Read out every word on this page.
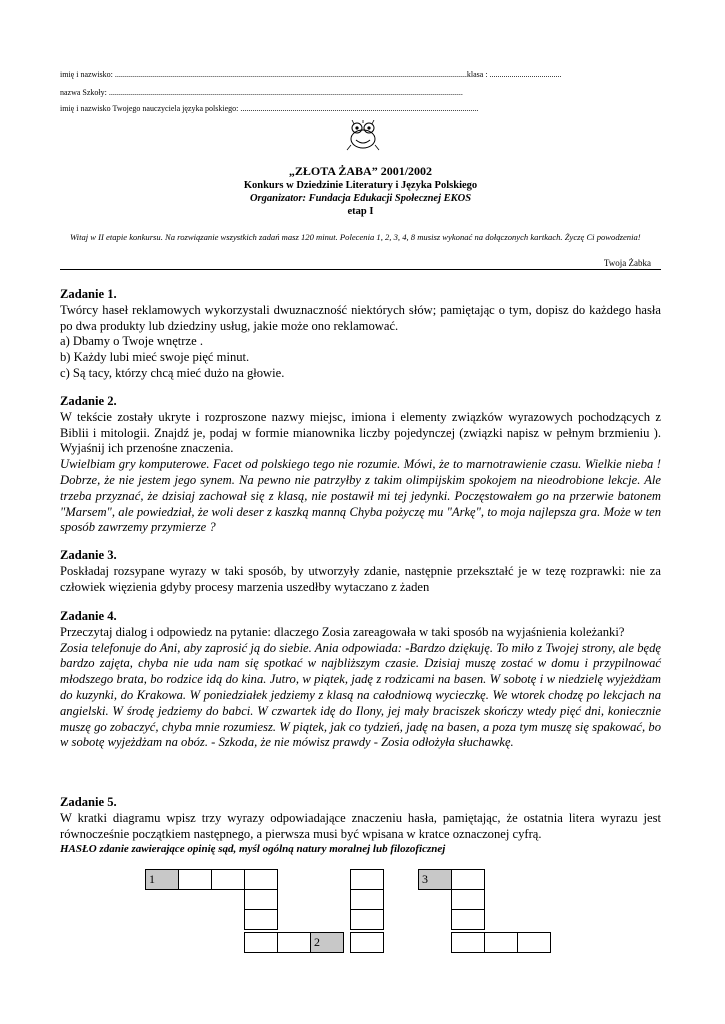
imię i nazwisko: ................................................................................................................................................................................klasa : ....................................
nazwa Szkoły: .................................................................................................................................................................................
imię i nazwisko Twojego nauczyciela języka polskiego: .......................................................................................................................
„ZŁOTA ŻABA” 2001/2002
Konkurs w Dziedzinie Literatury i Języka Polskiego
Organizator: Fundacja Edukacji Społecznej EKOS
etap I
Witaj w II etapie konkursu. Na rozwiązanie wszystkich zadań masz 120 minut. Polecenia 1, 2, 3, 4, 8 musisz wykonać na dołączonych kartkach. Życzę Ci powodzenia!
Twoja Żabka

Zadanie 1.

Twórcy haseł reklamowych wykorzystali dwuznaczność niektórych słów; pamiętając o tym, dopisz do każdego hasła po dwa produkty lub dziedziny usług, jakie może ono reklamować.

a) Dbamy o Twoje wnętrze .

b) Każdy lubi mieć swoje pięć minut.

c) Są tacy, którzy chcą mieć dużo na głowie.

Zadanie 2.

W tekście zostały ukryte i rozproszone nazwy miejsc, imiona i elementy związków wyrazowych pochodzących z Biblii i mitologii. Znajdź je, podaj w formie mianownika liczby pojedynczej (związki napisz w pełnym brzmieniu ). Wyjaśnij ich przenośne znaczenia.

Uwielbiam gry komputerowe. Facet od polskiego tego nie rozumie. Mówi, że to marnotrawienie czasu. Wielkie nieba ! Dobrze, że nie jestem jego synem. Na pewno nie patrzyłby z takim olimpijskim spokojem na nieodrobione lekcje. Ale trzeba przyznać, że dzisiaj zachował się z klasą, nie postawił mi tej jedynki. Poczęstowałem go na przerwie batonem "Marsem", ale powiedział, że woli deser z kaszką manną Chyba pożyczę mu "Arkę", to moja najlepsza gra. Może w ten sposób zawrzemy przymierze ?

Zadanie 3.

Poskładaj rozsypane wyrazy w taki sposób, by utworzyły zdanie, następnie przekształć je w tezę rozprawki: nie za człowiek więzienia gdyby procesy marzenia uszedłby wytaczano z żaden

Zadanie 4.

Przeczytaj dialog i odpowiedz na pytanie: dlaczego Zosia zareagowała w taki sposób na wyjaśnienia koleżanki?

Zosia telefonuje do Ani, aby zaprosić ją do siebie. Ania odpowiada: -Bardzo dziękuję. To miło z Twojej strony, ale będę bardzo zajęta, chyba nie uda nam się spotkać w najbliższym czasie. Dzisiaj muszę zostać w domu i przypilnować młodszego brata, bo rodzice idą do kina. Jutro, w piątek, jadę z rodzicami na basen. W sobotę i w niedzielę wyjeżdżam do kuzynki, do Krakowa. W poniedziałek jedziemy z klasą na całodniową wycieczkę. We wtorek chodzę po lekcjach na angielski. W środę jedziemy do babci. W czwartek idę do Ilony, jej mały braciszek skończy wtedy pięć dni, koniecznie muszę go zobaczyć, chyba mnie rozumiesz. W piątek, jak co tydzień, jadę na basen, a poza tym muszę się spakować, bo w sobotę wyjeżdżam na obóz. - Szkoda, że nie mówisz prawdy - Zosia odłożyła słuchawkę.

Zadanie 5.

W kratki diagramu wpisz trzy wyrazy odpowiadające znaczeniu hasła, pamiętając, że ostatnia litera wyrazu jest równocześnie początkiem następnego, a pierwsza musi być wpisana w kratce oznaczonej cyfrą.

HASŁO zdanie zawierające opinię sąd, myśl ogólną natury moralnej lub filozoficznej

1	3
2
